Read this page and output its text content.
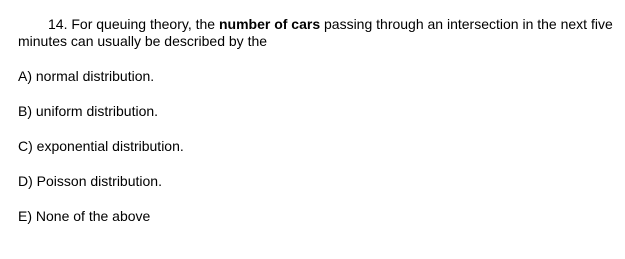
14. For queuing theory, the number of cars passing through an intersection in the next five minutes can usually be described by the

A) normal distribution.
B) uniform distribution.
C) exponential distribution.
D) Poisson distribution.
E) None of the above
